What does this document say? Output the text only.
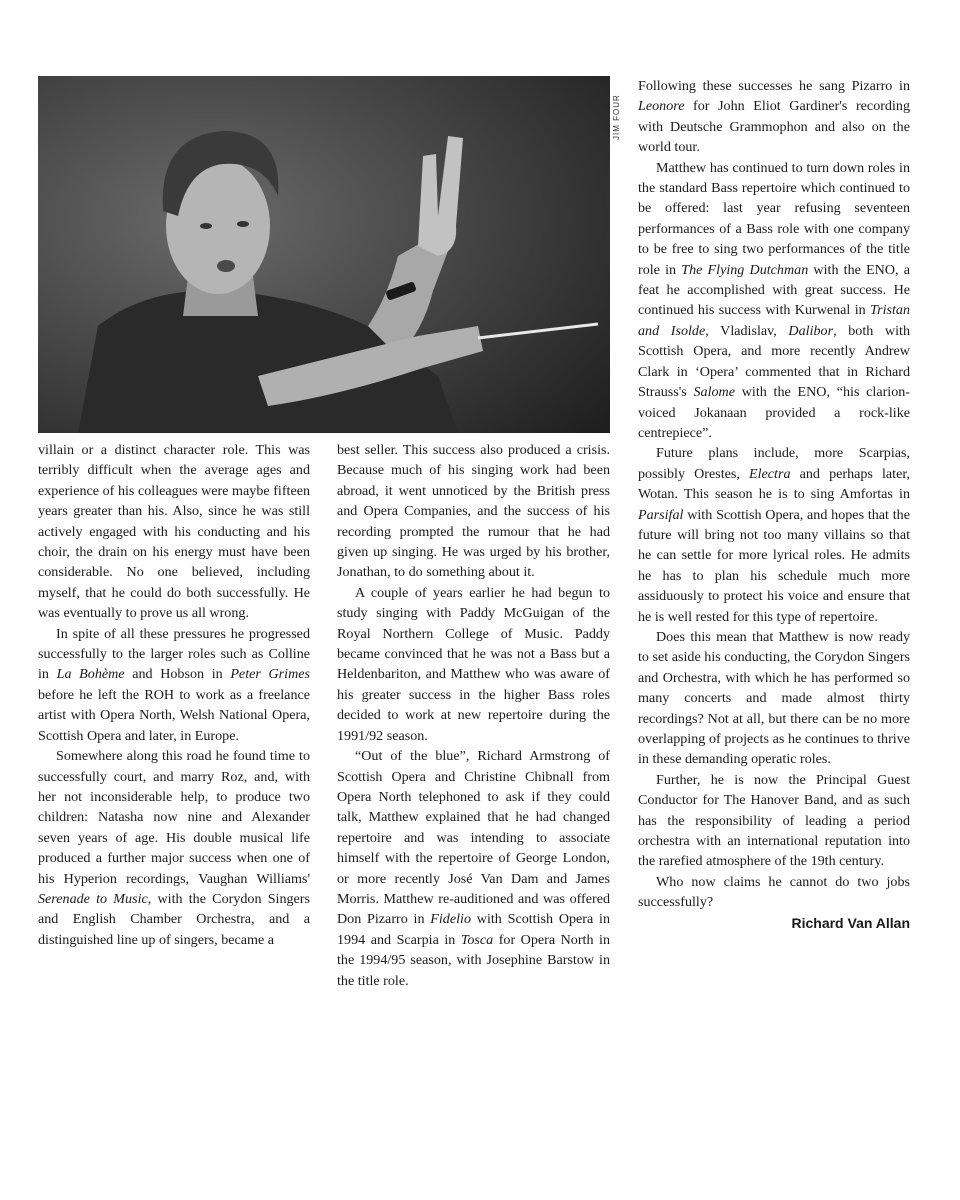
JIM FOUR

villain or a distinct character role. This was terribly difficult when the average ages and experience of his colleagues were maybe fifteen years greater than his. Also, since he was still actively engaged with his conducting and his choir, the drain on his energy must have been considerable. No one believed, including myself, that he could do both successfully. He was eventually to prove us all wrong.

In spite of all these pressures he progressed successfully to the larger roles such as Colline in La Bohème and Hobson in Peter Grimes before he left the ROH to work as a freelance artist with Opera North, Welsh National Opera, Scottish Opera and later, in Europe.

Somewhere along this road he found time to successfully court, and marry Roz, and, with her not inconsiderable help, to produce two children: Natasha now nine and Alexander seven years of age. His double musical life produced a further major success when one of his Hyperion recordings, Vaughan Williams' Serenade to Music, with the Corydon Singers and English Chamber Orchestra, and a distinguished line up of singers, became a

best seller. This success also produced a crisis. Because much of his singing work had been abroad, it went unnoticed by the British press and Opera Companies, and the success of his recording prompted the rumour that he had given up singing. He was urged by his brother, Jonathan, to do something about it.

A couple of years earlier he had begun to study singing with Paddy McGuigan of the Royal Northern College of Music. Paddy became convinced that he was not a Bass but a Heldenbariton, and Matthew who was aware of his greater success in the higher Bass roles decided to work at new repertoire during the 1991/92 season.

“Out of the blue”, Richard Armstrong of Scottish Opera and Christine Chibnall from Opera North telephoned to ask if they could talk, Matthew explained that he had changed repertoire and was intending to associate himself with the repertoire of George London, or more recently José Van Dam and James Morris. Matthew re-auditioned and was offered Don Pizarro in Fidelio with Scottish Opera in 1994 and Scarpia in Tosca for Opera North in the 1994/95 season, with Josephine Barstow in the title role.

Following these successes he sang Pizarro in Leonore for John Eliot Gardiner's recording with Deutsche Grammophon and also on the world tour.

Matthew has continued to turn down roles in the standard Bass repertoire which continued to be offered: last year refusing seventeen performances of a Bass role with one company to be free to sing two performances of the title role in The Flying Dutchman with the ENO, a feat he accomplished with great success. He continued his success with Kurwenal in Tristan and Isolde, Vladislav, Dalibor, both with Scottish Opera, and more recently Andrew Clark in ‘Opera’ commented that in Richard Strauss's Salome with the ENO, “his clarion-voiced Jokanaan provided a rock-like centrepiece”.

Future plans include, more Scarpias, possibly Orestes, Electra and perhaps later, Wotan. This season he is to sing Amfortas in Parsifal with Scottish Opera, and hopes that the future will bring not too many villains so that he can settle for more lyrical roles. He admits he has to plan his schedule much more assiduously to protect his voice and ensure that he is well rested for this type of repertoire.

Does this mean that Matthew is now ready to set aside his conducting, the Corydon Singers and Orchestra, with which he has performed so many concerts and made almost thirty recordings? Not at all, but there can be no more overlapping of projects as he continues to thrive in these demanding operatic roles.

Further, he is now the Principal Guest Conductor for The Hanover Band, and as such has the responsibility of leading a period orchestra with an international reputation into the rarefied atmosphere of the 19th century.

Who now claims he cannot do two jobs successfully?

Richard Van Allan
